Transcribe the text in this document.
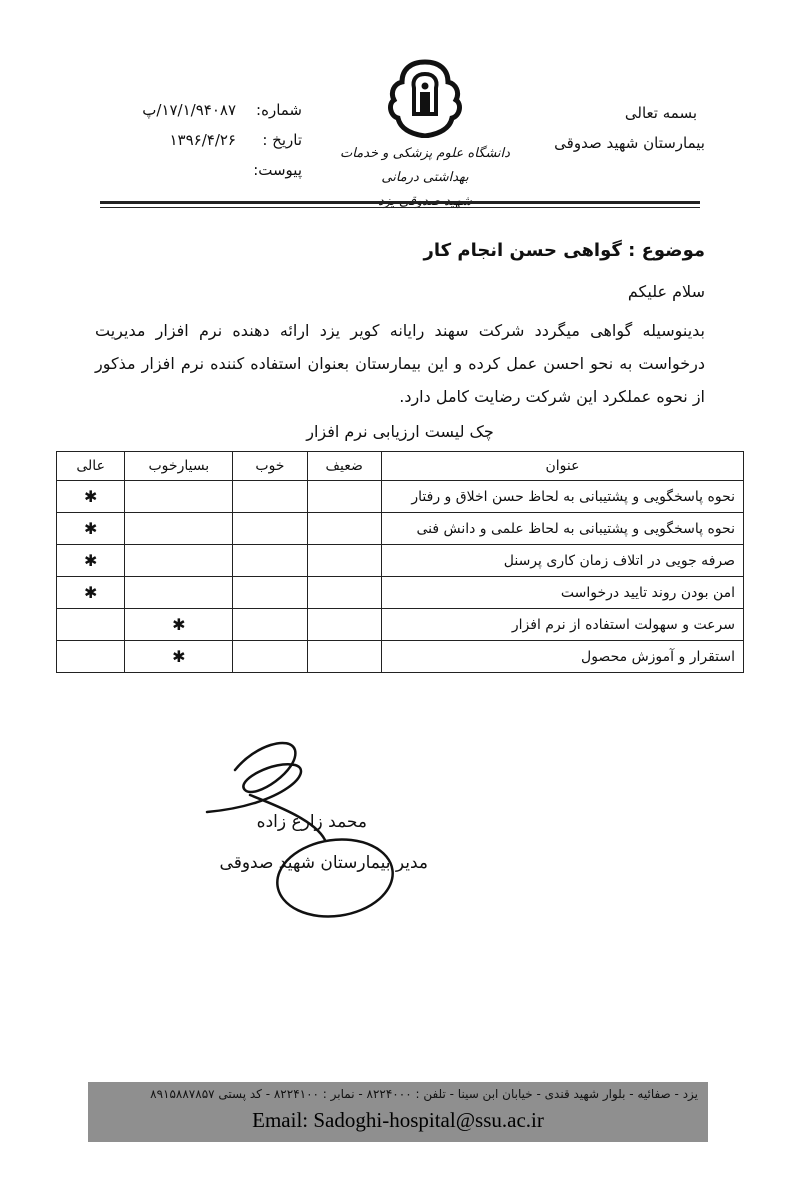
بسمه تعالی
بیمارستان شهید صدوقی
دانشگاه علوم پزشکی و خدمات بهداشتی درمانی
شهید صدوقی یزد
شماره:
۱۷/۱/۹۴۰۸۷/پ
تاریخ :
۱۳۹۶/۴/۲۶
پیوست:
موضوع : گواهی حسن انجام کار
سلام علیکم
بدینوسیله گواهی میگردد شرکت سهند رایانه کویر یزد ارائه دهنده نرم افزار مدیریت درخواست به نحو احسن عمل کرده و این بیمارستان بعنوان استفاده کننده نرم افزار مذکور از نحوه عملکرد این شرکت رضایت کامل دارد.
چک لیست ارزیابی نرم افزار
عنوان	ضعیف	خوب	بسیارخوب	عالی
نحوه پاسخگویی و پشتیبانی به لحاظ حسن اخلاق و رفتار				✱
نحوه پاسخگویی و پشتیبانی به لحاظ علمی و دانش فنی				✱
صرفه جویی در اتلاف زمان کاری پرسنل				✱
امن بودن روند تایید درخواست				✱
سرعت و سهولت استفاده از نرم افزار			✱	
استقرار و آموزش محصول			✱	
محمد زارع زاده
مدیر بیمارستان شهید صدوقی
یزد - صفائیه - بلوار شهید قندی - خیابان ابن سینا - تلفن : ۸۲۲۴۰۰۰ - نمابر : ۸۲۲۴۱۰۰ - کد پستی ۸۹۱۵۸۸۷۸۵۷
Email: Sadoghi-hospital@ssu.ac.ir
